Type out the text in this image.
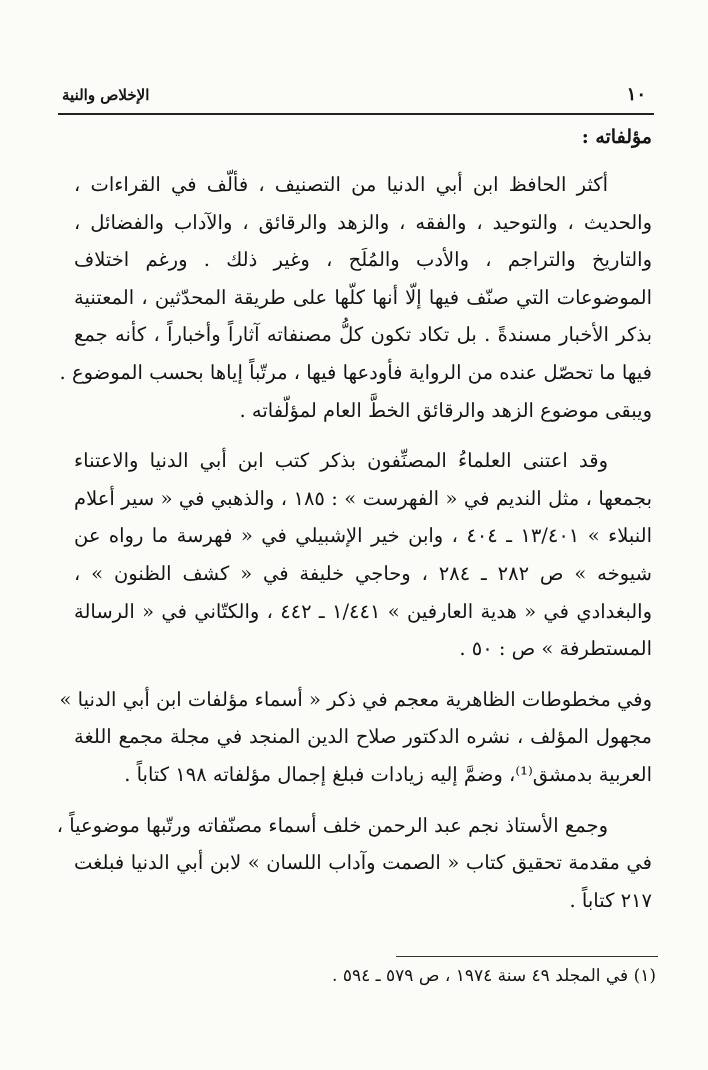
١٠
الإخلاص والنية
مؤلفاته :
أكثر الحافظ ابن أبي الدنيا من التصنيف ، فألّف في القراءات ،
والحديث ، والتوحيد ، والفقه ، والزهد والرقائق ، والآداب والفضائل ،
والتاريخ والتراجم ، والأدب والمُلَح ، وغير ذلك . ورغم اختلاف
الموضوعات التي صنّف فيها إلّا أنها كلّها على طريقة المحدّثين ، المعتنية
بذكر الأخبار مسندةً . بل تكاد تكون كلُّ مصنفاته آثاراً وأخباراً ، كأنه جمع
فيها ما تحصّل عنده من الرواية فأودعها فيها ، مرتّباً إياها بحسب الموضوع .
ويبقى موضوع الزهد والرقائق الخطَّ العام لمؤلّفاته .
وقد اعتنى العلماءُ المصنِّفون بذكر كتب ابن أبي الدنيا والاعتناء
بجمعها ، مثل النديم في « الفهرست » : ١٨٥ ، والذهبي في « سير أعلام
النبلاء » ١٣/٤٠١ ـ ٤٠٤ ، وابن خير الإشبيلي في « فهرسة ما رواه عن
شيوخه » ص ٢٨٢ ـ ٢٨٤ ، وحاجي خليفة في « كشف الظنون » ،
والبغدادي في « هدية العارفين » ١/٤٤١ ـ ٤٤٢ ، والكتّاني في « الرسالة
المستطرفة » ص : ٥٠ .
وفي مخطوطات الظاهرية معجم في ذكر « أسماء مؤلفات ابن أبي الدنيا »
مجهول المؤلف ، نشره الدكتور صلاح الدين المنجد في مجلة مجمع اللغة
العربية بدمشق⁽¹⁾، وضمَّ إليه زيادات فبلغ إجمال مؤلفاته ١٩٨ كتاباً .
وجمع الأستاذ نجم عبد الرحمن خلف أسماء مصنّفاته ورتّبها موضوعياً ،
في مقدمة تحقيق كتاب « الصمت وآداب اللسان » لابن أبي الدنيا فبلغت
٢١٧ كتاباً .
(١) في المجلد ٤٩ سنة ١٩٧٤ ، ص ٥٧٩ ـ ٥٩٤ .
